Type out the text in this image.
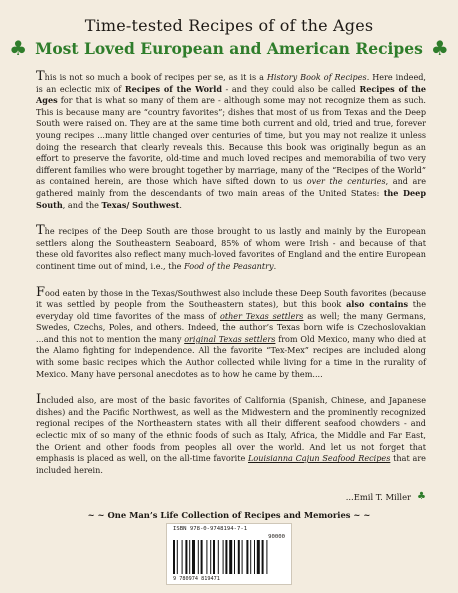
Time-tested Recipes of of the Ages
♣ Most Loved European and American Recipes ♣

This is not so much a book of recipes per se, as it is a History Book of Recipes. Here indeed, is an eclectic mix of Recipes of the World - and they could also be called Recipes of the Ages for that is what so many of them are - although some may not recognize them as such. This is because many are “country favorites”; dishes that most of us from Texas and the Deep South were raised on. They are at the same time both current and old, tried and true, forever young recipes ...many little changed over centuries of time, but you may not realize it unless doing the research that clearly reveals this. Because this book was originally begun as an effort to preserve the favorite, old-time and much loved recipes and memorabilia of two very different families who were brought together by marriage, many of the “Recipes of the World” as contained herein, are those which have sifted down to us over the centuries, and are gathered mainly from the descendants of two main areas of the United States: the Deep South, and the Texas/ Southwest.

The recipes of the Deep South are those brought to us lastly and mainly by the European settlers along the Southeastern Seaboard, 85% of whom were Irish - and because of that these old favorites also reflect many much-loved favorites of England and the entire European continent time out of mind, i.e., the Food of the Peasantry.

Food eaten by those in the Texas/Southwest also include these Deep South favorites (because it was settled by people from the Southeastern states), but this book also contains the everyday old time favorites of the mass of other Texas settlers as well; the many Germans, Swedes, Czechs, Poles, and others. Indeed, the author’s Texas born wife is Czechoslovakian ...and this not to mention the many original Texas settlers from Old Mexico, many who died at the Alamo fighting for independence. All the favorite “Tex-Mex” recipes are included along with some basic recipes which the Author collected while living for a time in the rurality of Mexico. Many have personal anecdotes as to how he came by them....

Included also, are most of the basic favorites of California (Spanish, Chinese, and Japanese dishes) and the Pacific Northwest, as well as the Midwestern and the prominently recognized regional recipes of the Northeastern states with all their different seafood chowders - and eclectic mix of so many of the ethnic foods of such as Italy, Africa, the Middle and Far East, the Orient and other foods from peoples all over the world. And let us not forget that emphasis is placed as well, on the all-time favorite Louisianna Cajun Seafood Recipes that are included herein.

...Emil T. Miller ♣
~ ~ One Man’s Life Collection of Recipes and Memories ~ ~
ISBN 978-0-9748194-7-1
90000
9 780974 819471
